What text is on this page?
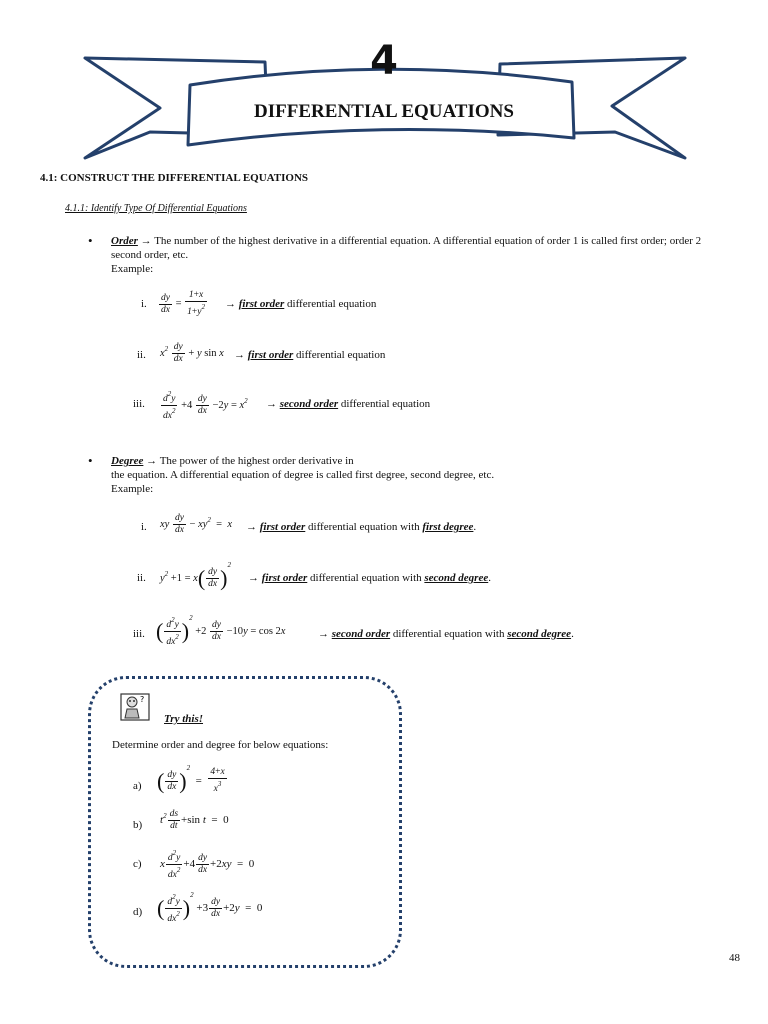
4
DIFFERENTIAL EQUATIONS
4.1: CONSTRUCT THE DIFFERENTIAL EQUATIONS
4.1.1: Identify Type Of Differential Equations
• Order → The number of the highest derivative in a differential equation. A differential equation of order 1 is called first order; order 2
second order, etc.
Example:
i. $\frac{dy}{dx} = \frac{1+x}{1+y^2}$ → first order differential equation
ii. $x^2 \frac{dy}{dx} + y$ sin x → first order differential equation
iii. $\frac{d^2y}{dx^2} +4 \frac{dy}{dx} -2y = x^2$ → second order differential equation
• Degree → The power of the highest order derivative in
the equation. A differential equation of degree is called first degree, second degree, etc.
Example:
i. xy $\frac{dy}{dx} - xy^2 = x$ → first order differential equation with first degree.
ii. $y^2 +1 = x( \frac{dy}{dx} )^2$
→ first order differential equation with second degree.
iii. ( $\frac{d^2y}{dx^2} )^2 +2 \frac{dy}{dx} -10y = \cos 2x$	→ second order differential equation with second degree.
?
Try this!
Determine order and degree for below equations:
a) ( $\frac{dy}{dx} )^2 = \frac{4+x}{x^3}$
b) $t^2 \frac{ds}{dt} +\sin$ t  =  0
c) x $\frac{d^2y}{dx^2} +4 \frac{dy}{dx} +2xy = 0$
d) ( $\frac{d^2y}{dx^2} )^2 +3 \frac{dy}{dx} +2y = 0$
48
